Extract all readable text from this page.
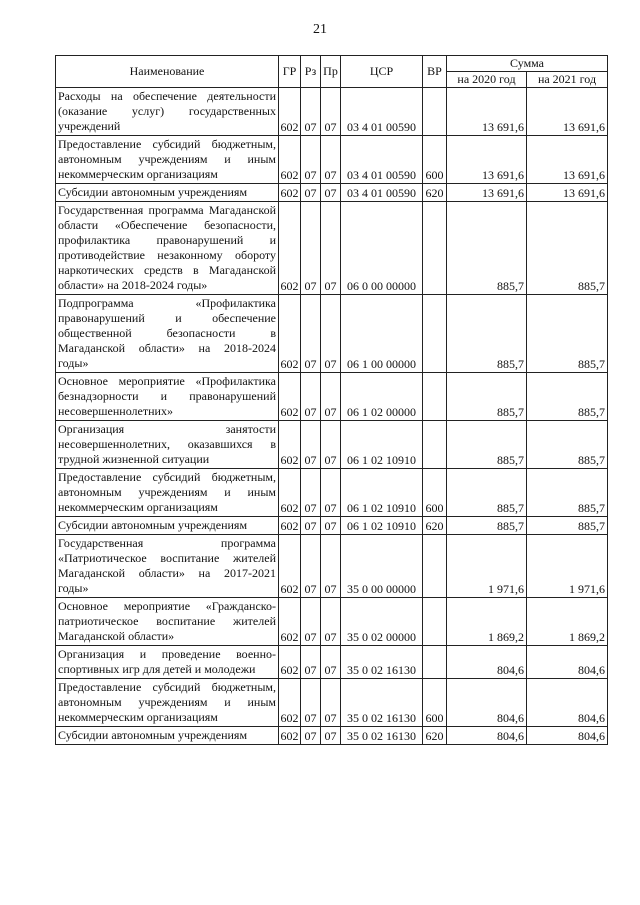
21
Наименование	ГР	Рз	Пр	ЦСР	ВР	Сумма	
						на 2020 год	на 2021 год
Расходы на обеспечение деятельности (оказание услуг) государственных учреждений	602	07	07	03 4 01 00590		13 691,6	13 691,6
Предоставление субсидий бюджетным, автономным учреждениям и иным некоммерческим организациям	602	07	07	03 4 01 00590	600	13 691,6	13 691,6
Субсидии автономным учреждениям	602	07	07	03 4 01 00590	620	13 691,6	13 691,6
Государственная программа Магаданской области «Обеспечение безопасности, профилактика правонарушений и противодействие незаконному обороту наркотических средств в Магаданской области» на 2018-2024 годы»	602	07	07	06 0 00 00000		885,7	885,7
Подпрограмма «Профилактика правонарушений и обеспечение общественной безопасности в Магаданской области» на 2018-2024 годы»	602	07	07	06 1 00 00000		885,7	885,7
Основное мероприятие «Профилактика безнадзорности и правонарушений несовершеннолетних»	602	07	07	06 1 02 00000		885,7	885,7
Организация занятости несовершеннолетних, оказавшихся в трудной жизненной ситуации	602	07	07	06 1 02 10910		885,7	885,7
Предоставление субсидий бюджетным, автономным учреждениям и иным некоммерческим организациям	602	07	07	06 1 02 10910	600	885,7	885,7
Субсидии автономным учреждениям	602	07	07	06 1 02 10910	620	885,7	885,7
Государственная программа «Патриотическое воспитание жителей Магаданской области» на 2017-2021 годы»	602	07	07	35 0 00 00000		1 971,6	1 971,6
Основное мероприятие «Гражданско-патриотическое воспитание жителей Магаданской области»	602	07	07	35 0 02 00000		1 869,2	1 869,2
Организация и проведение военно-спортивных игр для детей и молодежи	602	07	07	35 0 02 16130		804,6	804,6
Предоставление субсидий бюджетным, автономным учреждениям и иным некоммерческим организациям	602	07	07	35 0 02 16130	600	804,6	804,6
Субсидии автономным учреждениям	602	07	07	35 0 02 16130	620	804,6	804,6
